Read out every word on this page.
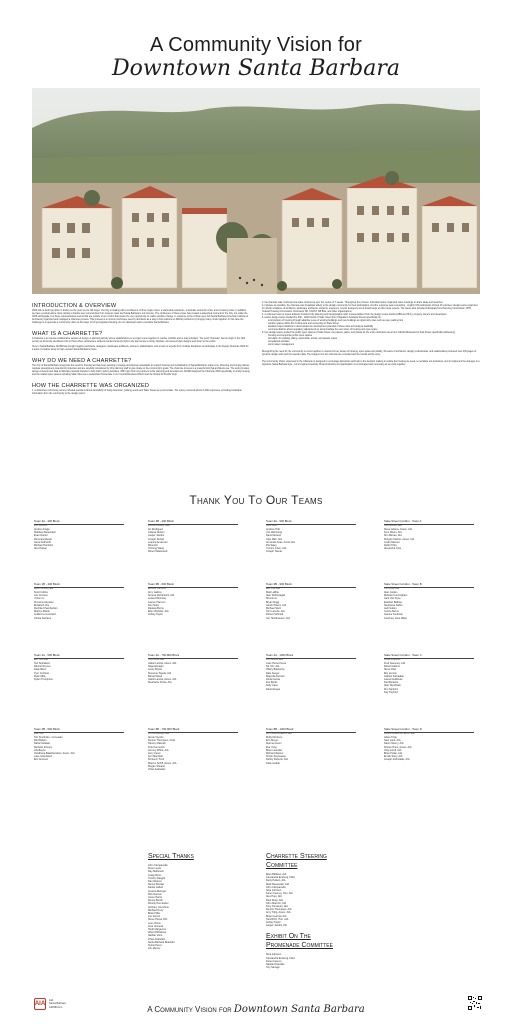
A Community Vision for
Downtown Santa Barbara
INTRODUCTION & OVERVIEW
2020 will no doubt go down in history as the year no one will forget. Our City is dealing with a confluence of three major crises: a world-wide pandemic, a dramatic economic crisis, and a housing crisis. In addition, we have a social justice crisis casting a shadow over communities from coast to coast and Santa Barbara is not immune. The confluence of these crises has created a watershed moment for the City, not unlike the 1925 earthquake. It is these unprecedented events that are outside of our control that create the very opportunity to realize positive change. In response to the critical need, AIA Santa Barbara (American Institute of Architects) organized and managed a charrette process. This process is a common technique used by architects as a way to find solutions to difficult problems by bringing many minds together. In this case the challenge is to generate a community vision to find ways to bring integrated housing into our downtown and to revitalize Santa Barbara.
WHAT IS A CHARRETTE?
A charrette is an intense collaborative session of design or planning activity where stakeholders on a project come together to resolve conflicts and to map solutions. The word "charrette" has its origin in the 19th century at the Ecole des Beaux Arts in Paris where architecture students worked furiously right to the last minute to study, illustrate, and present their designs and vision to the public.
Here in Santa Barbara, AIASB has brought together architects, designers, landscape architects, planners, stakeholders, and a team of experts from multiple disciplines to participate in the Design Charrette 2020 for a burst of creative study to help envision Santa Barbara's future.
WHY DO WE NEED A CHARRETTE?
The City of Santa Barbara recognizes the need for housing and has been working to change development standards to support housing and revitalization of Santa Barbara's urban core. Planning and zoning policies regulate development potential of properties and are carefully considered by City planning staff to give shape to the community's goals. The charrette process is a powerful tool that architects use. The work provides design concepts and data to illustrate potential impacts to help inform policy decisions. With input from city partners at the planning and development, AIASB designed the Charrette 2020 specifically to study housing and the related open spaces including State Street as a pedestrian Promenade in our Central Business District and the historic El Pueblo Viejo.
HOW THE CHARRETTE WAS ORGANIZED
1. a downtown community survey included questions about desirability of living downtown, parking needs and State Street as a promenade. The survey received almost 3,000 responses, providing invaluable information from the community to the design teams.
2. the charrette was conducted via video conference over the course of 7 weeks. Throughout the process, individual teams organized video meetings to share ideas and sketches.
3. inclusive as possible, the charrette was broadcast widely to the design community for their participation. And the response was resounding - roughly 160 participants formed 16 volunteer design teams organized to include a balance of architects, landscape architects, students, engineers, interior designers and a broad range of other local experts. The teams also included individuals from Planning Commission, MTD, Coastal Housing Commission, Downtown SB, COAST, SB Bike, and other organizations.
4. a volunteer team of expert advisors included City planning and transportation staff, representatives from the design review bodies (ABR and HLC), property owners and developers.
5. twelve design teams studied the 300 - 1000 blocks of State Street from Chapala to Anacapa Streets specifically for:
incorporation of housing through adaptive reuse of existing buildings and new buildings at opportunity sites such as open parking lots
outdoor spaces within the 2 block area and connecting to State Street
detailed project statistics to demonstrate the development potential of these sites and analyze feasibility
recommendations about regulatory adjustments to accommodate the new vision of housing and open space
6. four design teams studied the public open spaces of State Street, the paseos, parks, and plazas for the entire downtown area from Cabrillo Boulevard to Sola Street specifically addressing:
housing and supportive public open spaces
circulation for walking, biking, automobile, transit, and parade routes
recreational activities
storm water management
Recognizing the need for the community to come together to respond to key issues of housing, open space and vitality, 16 teams of architects, design professionals, and stakeholders produced over 230 pages of dynamic design work and the relevant data. The images from the charrette are compiled and the results tell the story.
The Community Vision expressed in the Charrette is designed to encourage discussion and help in the decision making to realize the housing we need, re-revitalize our downtown, and to implement the changes in a signature Santa Barbara style - full of inspired creativity. Broad inclusivity and participation is encouraged and necessary as we work together.
Thank You To Our Teams
Team 3A - 400 Block
Eva Tomasini
Andres Arciga
Matthew Beausoleil
Evan Daniel
Rene Escobedo
Jared Fetherolf
Michael Hamilton
Alex Parker
Team 3B - 400 Block
Michael Holliday, FAIA
Ari Rodriguez
Galena Nelson
Jasper Jacobs
Joseph Robair
Luanna Anderson
Mira Ash
Yicheng Wang
Rose Hildebrandt
Team 9A - 900 Block
Brian Hofer
Andrew Thill
Yan Weicheng
David Alvarez
Julie Mah, AIA
Armando Arias, Assoc AIA
Pat Saley
Yvonne Chen, AIA
Joseph Tascia
State Street Corridor - Team A
John Maruzzi, AIA
Steve Adams, Assoc. AIA
Kent Mixon, AIA
Kim Mireau, AIA
Morgan Solorio, Assoc. AIA
Justin Manuel
Debbi Tilley
Alexandra Cole
Team 1B - 400 Block
Bryan Dunning, AIA
Scott Collins
Joe Cervera
Yichen Li
Kinneme Mendes
Elizabeth Vos
Ruchita Chamberlain
Marcus Martin
Guillermo Gonzalez
Cristia Sanders
Team 6B - 600 Block
Anthony Tomasulo
Amy Gallina
Serena McClintock, AIA
Leland Wemsley
Lauren Harmon
Don Nulty
Daniela Burns
Ellen Webster, AIA
Ashley Taylor
Team 9B - 900 Block
Alex Pujo, AIA
Matt LaBrie
Alan McDonagall
Shumin Li
Bryan Rugg
Jacob Hikens, AIA
Michael Stetz
Tom Lacobs, AIA
Robert Schmidt
Jon Hochhausen, AIA
State Street Corridor - Team B
Paul Rupp, AIA
Alan Jordan
Melissa Cunningham
Jack Van Dyne
Esteban Balboa
Stephanie Sablo
Jedi Sutton
Ivonne Burns
Jeanne Kaufman
Courtney Jane Miller
Team 2A - 500 Block
Ann Thiel, AIA
Ted Strickland
Rachel Reyner
Katie Blom
Kym Cochran
Ryan Mills
Dylan Thompson
Team 4A - 700-800 Block
Paul Poirier, AIA
Isabel Lamba, Assoc. AIA
Sage Elmagin
Jessy Brown
Susanne Tojeda, AIA
Barrett Reed
Isabel Lamba, Assoc. AIA
Stephanie Poole, AIA
Team 4A - 1000 Block
Del Coroniel, AIA
Juan Heina Perea
Tai Yeh, AIA
Hillary Blackerby
Dale Aseyer
Marcella Derrant
Karla Garcia
Zoe Berks
Kelly Cave
David Anaya
State Street Corridor - Team C
Susan Singhvale
Fred Sweeney, AIA
Robert Adams
Steve Diaz
Elly Iverson
Gabriel Farhadian
Laurel DeWeese
Karl Berkeris
Alan Wyndham
Kim Sanford
Kay Twyford
Team 2B - 500 Block
Matt Ortiz
Tori Smolinski - Co-leader
Rod Britton
Nahal Soldaat
Michelle Zimney
Lila Bayne
Vandhana Balachandran, Assoc. AIA
Lane Grandsted
Eric Aronson
Team 5B - 700-800 Block
Jeff Murrigeaugh, AIA
Alexis Voyshe
Dennis Thompson, FAIA
Harvey Malouch
Kyle Kennerich
Jeremy White, AIA
Jerry Kessi
Ken Marshall
Kimberly Trout
Marcus Schiff, Assoc. AIA
Megan Shearel
Ohan Arabelian
Team 8B - 1000 Block
Eric Deepsells-Aberle, AIA
Molly Morrison
Erin Meyer
Alanna Green
Eva Yang
Brian Lasnafer
Richard Warner
Kristin Stoywauve
Debby Roberts, AIA
Katie Grabik
State Street Corridor - Team D
Roxana Bonderson, Assoc. AIA
Adam Tripp
Sam Lank, AIA
Dawn Sherry, AIA
Kristen Price, Assoc. AIA
Clay Aurell, AIA
Brian Holler, AIA
Emilie Stury, AIA
Joseph Andrulaitis, AIA
Special Thanks
John Campanella
Peter Lewis
Ray Malhoeck
Craig Minus
Crosby Slaught
Dan Weimer
Renee Brooke
Daniel Gullett
Jessica Metzger
Rob Dayson
Jason Harris
Renee Brook
Woody Hernandez
Anthony Grumbine
Michael Drury
Brian Hiller
Jon Ferrell
Steve House NCI
Leon Olson
Irma Unzueta
Hugh Margerum
Albert DiPadova
Nathan Vonk
Ohan Arabelian
Santa Barbara Beautiful
Sylvia Perez
Jon Mercer
Charrette Steering
Committee
Ellen Bildsten, AIA
Cassandra Ensberg, FAIA
Detty Peikert, AIA
Mark Beausoleil, AIA
John Campanella
Nina Johnson
Karen Feeney, Hon. AIA
Alex Pujo, AIA
Paul Rupp, AIA
John Maruzzi, AIA
Tony Tomasulo, AIA
Dennis Thompson, AIA
Amy Tripp, Assoc. AIA
Brian Cearnal, AIA
Tara Rizzi, Hon. AIA
Ashley Taylor
Jasper Jacobs, PE
Exhibit On The
Promenade Committee
Nina Johnson
Cassandra Ensberg, FAIA
Karen Feeney
Natalie Dramatis
Izzy Savage
AIA
AIA
Santa Barbara
AIASB.com	A Community Vision for Downtown Santa Barbara
